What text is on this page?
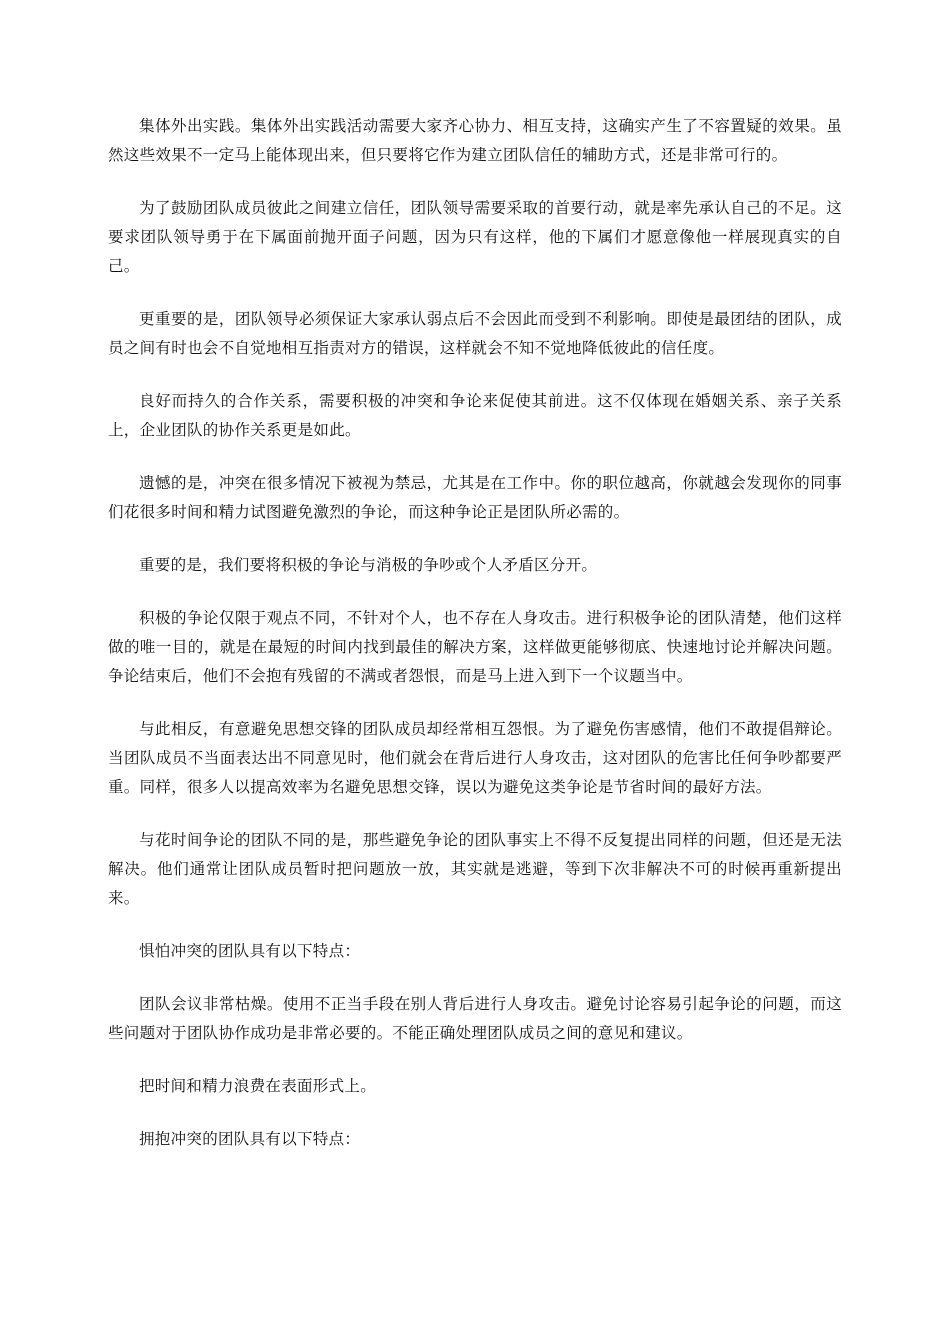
集体外出实践。集体外出实践活动需要大家齐心协力、相互支持，这确实产生了不容置疑的效果。虽然这些效果不一定马上能体现出来，但只要将它作为建立团队信任的辅助方式，还是非常可行的。

为了鼓励团队成员彼此之间建立信任，团队领导需要采取的首要行动，就是率先承认自己的不足。这要求团队领导勇于在下属面前抛开面子问题，因为只有这样，他的下属们才愿意像他一样展现真实的自己。

更重要的是，团队领导必须保证大家承认弱点后不会因此而受到不利影响。即使是最团结的团队，成员之间有时也会不自觉地相互指责对方的错误，这样就会不知不觉地降低彼此的信任度。

良好而持久的合作关系，需要积极的冲突和争论来促使其前进。这不仅体现在婚姻关系、亲子关系上，企业团队的协作关系更是如此。

遗憾的是，冲突在很多情况下被视为禁忌，尤其是在工作中。你的职位越高，你就越会发现你的同事们花很多时间和精力试图避免激烈的争论，而这种争论正是团队所必需的。

重要的是，我们要将积极的争论与消极的争吵或个人矛盾区分开。

积极的争论仅限于观点不同，不针对个人，也不存在人身攻击。进行积极争论的团队清楚，他们这样做的唯一目的，就是在最短的时间内找到最佳的解决方案，这样做更能够彻底、快速地讨论并解决问题。争论结束后，他们不会抱有残留的不满或者怨恨，而是马上进入到下一个议题当中。

与此相反，有意避免思想交锋的团队成员却经常相互怨恨。为了避免伤害感情，他们不敢提倡辩论。当团队成员不当面表达出不同意见时，他们就会在背后进行人身攻击，这对团队的危害比任何争吵都要严重。同样，很多人以提高效率为名避免思想交锋，误以为避免这类争论是节省时间的最好方法。

与花时间争论的团队不同的是，那些避免争论的团队事实上不得不反复提出同样的问题，但还是无法解决。他们通常让团队成员暂时把问题放一放，其实就是逃避，等到下次非解决不可的时候再重新提出来。

惧怕冲突的团队具有以下特点：

团队会议非常枯燥。使用不正当手段在别人背后进行人身攻击。避免讨论容易引起争论的问题，而这些问题对于团队协作成功是非常必要的。不能正确处理团队成员之间的意见和建议。

把时间和精力浪费在表面形式上。

拥抱冲突的团队具有以下特点：
